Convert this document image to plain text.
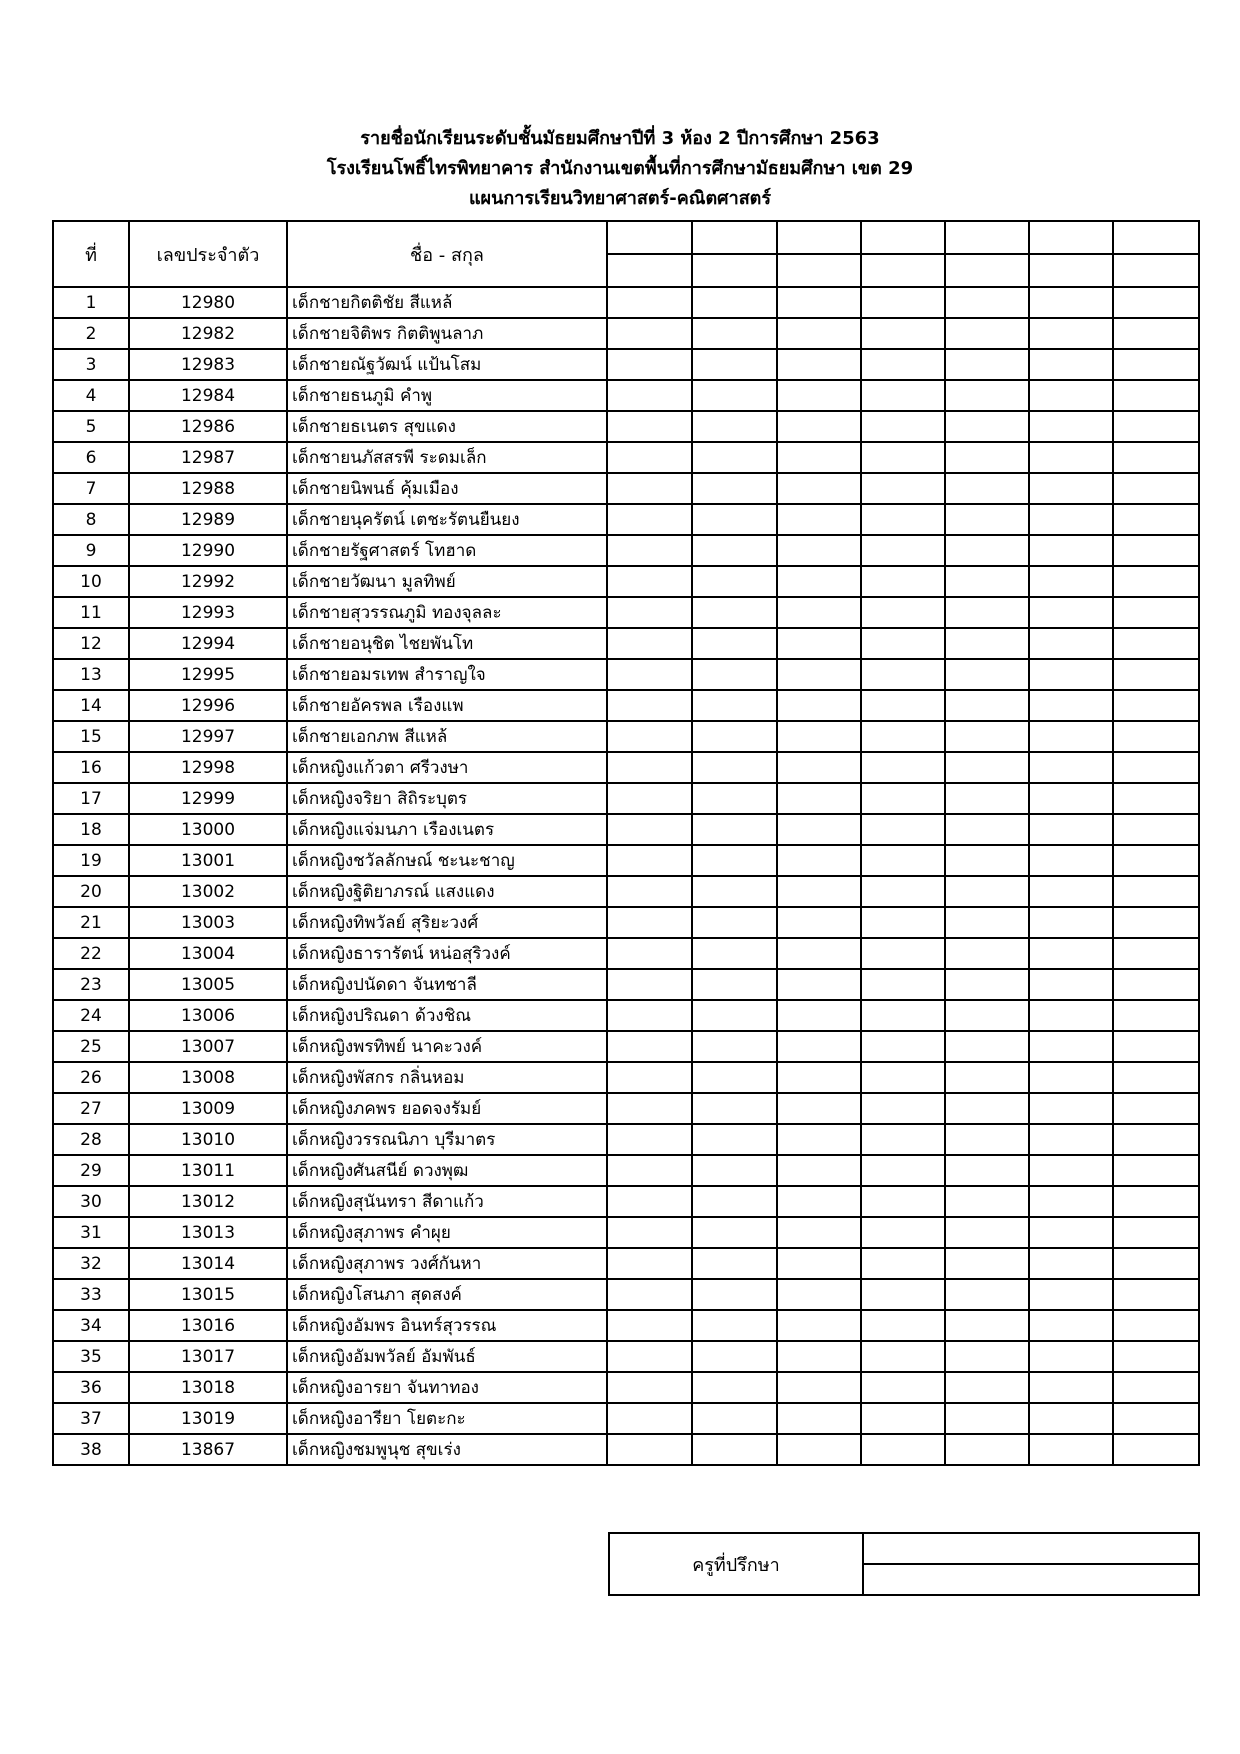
รายชื่อนักเรียนระดับชั้นมัธยมศึกษาปีที่ 3 ห้อง 2 ปีการศึกษา 2563
โรงเรียนโพธิ์ไทรพิทยาคาร สำนักงานเขตพื้นที่การศึกษามัธยมศึกษา เขต 29
แผนการเรียนวิทยาศาสตร์-คณิตศาสตร์
ที่	เลขประจำตัว	ชื่อ - สกุล							

1	12980	เด็กชายกิตติชัย สีแหล้							
2	12982	เด็กชายจิติพร กิตติพูนลาภ							
3	12983	เด็กชายณัฐวัฒน์ แป้นโสม							
4	12984	เด็กชายธนภูมิ คำพู							
5	12986	เด็กชายธเนตร สุขแดง							
6	12987	เด็กชายนภัสสรพี ระดมเล็ก							
7	12988	เด็กชายนิพนธ์ คุ้มเมือง							
8	12989	เด็กชายนุครัตน์ เตชะรัตนยืนยง							
9	12990	เด็กชายรัฐศาสตร์ โทฮาด							
10	12992	เด็กชายวัฒนา มูลทิพย์							
11	12993	เด็กชายสุวรรณภูมิ ทองจุลละ							
12	12994	เด็กชายอนุชิต ไชยพันโท							
13	12995	เด็กชายอมรเทพ สำราญใจ							
14	12996	เด็กชายอัครพล เรืองแพ							
15	12997	เด็กชายเอกภพ สีแหล้							
16	12998	เด็กหญิงแก้วตา ศรีวงษา							
17	12999	เด็กหญิงจริยา สิถิระบุตร							
18	13000	เด็กหญิงแจ่มนภา เรืองเนตร							
19	13001	เด็กหญิงชวัลลักษณ์ ชะนะชาญ							
20	13002	เด็กหญิงฐิติยาภรณ์ แสงแดง							
21	13003	เด็กหญิงทิพวัลย์ สุริยะวงศ์							
22	13004	เด็กหญิงธารารัตน์ หน่อสุริวงค์							
23	13005	เด็กหญิงปนัดดา จันทชาลี							
24	13006	เด็กหญิงปริณดา ด้วงชิณ							
25	13007	เด็กหญิงพรทิพย์ นาคะวงค์							
26	13008	เด็กหญิงพัสกร กลิ่นหอม							
27	13009	เด็กหญิงภคพร ยอดจงรัมย์							
28	13010	เด็กหญิงวรรณนิภา บุรีมาตร							
29	13011	เด็กหญิงศันสนีย์ ดวงพุฒ							
30	13012	เด็กหญิงสุนันทรา สีดาแก้ว							
31	13013	เด็กหญิงสุภาพร คำผุย							
32	13014	เด็กหญิงสุภาพร วงศ์กันหา							
33	13015	เด็กหญิงโสนภา สุดสงค์							
34	13016	เด็กหญิงอัมพร อินทร์สุวรรณ							
35	13017	เด็กหญิงอัมพวัลย์ อัมพันธ์							
36	13018	เด็กหญิงอารยา จันทาทอง							
37	13019	เด็กหญิงอารียา โยตะกะ							
38	13867	เด็กหญิงชมพูนุช สุขเร่ง							
ครูที่ปรึกษา	
